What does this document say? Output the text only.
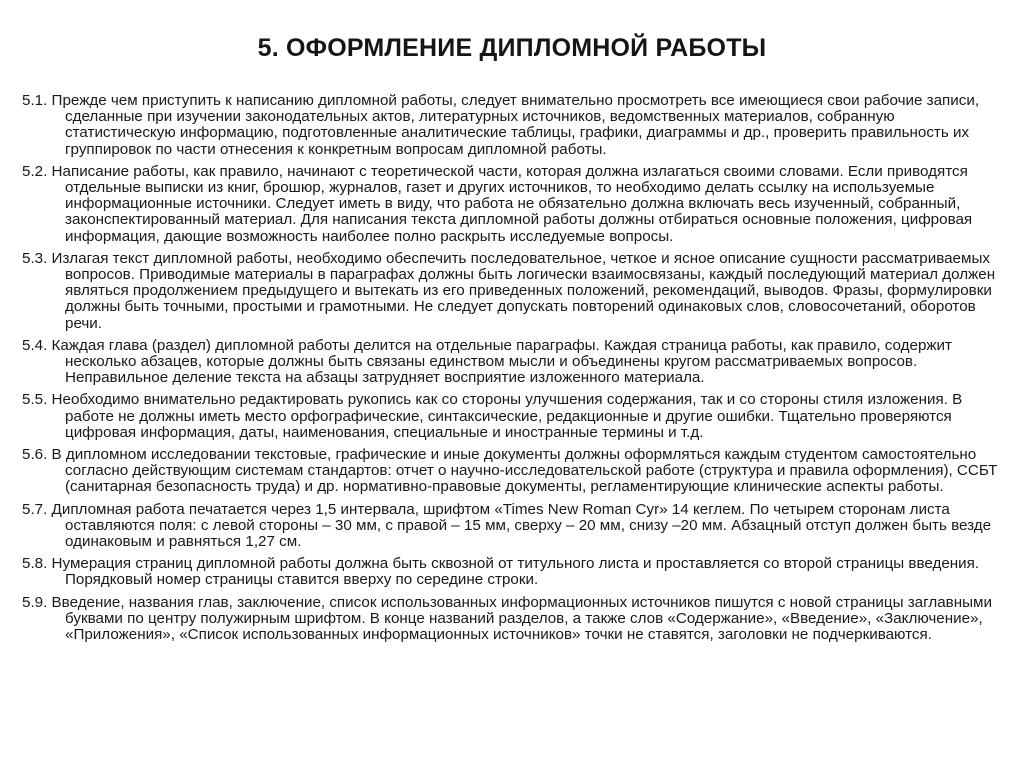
5. ОФОРМЛЕНИЕ ДИПЛОМНОЙ РАБОТЫ

5.1. Прежде чем приступить к написанию дипломной работы, следует внимательно просмотреть все имеющиеся свои рабочие записи, сделанные при изучении законодательных актов, литературных источников, ведомственных материалов, собранную статистическую информацию, подготовленные аналитические таблицы, графики, диаграммы и др., проверить правильность их группировок по части отнесения к конкретным вопросам дипломной работы.

5.2. Написание работы, как правило, начинают с теоретической части, которая должна излагаться своими словами. Если приводятся отдельные выписки из книг, брошюр, журналов, газет и других источников, то необходимо делать ссылку на используемые информационные источники. Следует иметь в виду, что работа не обязательно должна включать весь изученный, собранный, законспектированный материал. Для написания текста дипломной работы должны отбираться основные положения, цифровая информация, дающие возможность наиболее полно раскрыть исследуемые вопросы.

5.3. Излагая текст дипломной работы, необходимо обеспечить последовательное, четкое и ясное описание сущности рассматриваемых вопросов. Приводимые материалы в параграфах должны быть логически взаимосвязаны, каждый последующий материал должен являться продолжением предыдущего и вытекать из его приведенных положений, рекомендаций, выводов. Фразы, формулировки должны быть точными, простыми и грамотными. Не следует допускать повторений одинаковых слов, словосочетаний, оборотов речи.

5.4. Каждая глава (раздел) дипломной работы делится на отдельные параграфы. Каждая страница работы, как правило, содержит несколько абзацев, которые должны быть связаны единством мысли и объединены кругом рассматриваемых вопросов. Неправильное деление текста на абзацы затрудняет восприятие изложенного материала.

5.5. Необходимо внимательно редактировать рукопись как со стороны улучшения содержания, так и со стороны стиля изложения. В работе не должны иметь место орфографические, синтаксические, редакционные и другие ошибки. Тщательно проверяются цифровая информация, даты, наименования, специальные и иностранные термины и т.д.

5.6. В дипломном исследовании текстовые, графические и иные документы должны оформляться каждым студентом самостоятельно согласно действующим системам стандартов: отчет о научно-исследовательской работе (структура и правила оформления), ССБТ (санитарная безопасность труда) и др. нормативно-правовые документы, регламентирующие клинические аспекты работы.

5.7. Дипломная работа печатается через 1,5 интервала, шрифтом «Times New Roman Cyr» 14 кеглем. По четырем сторонам листа оставляются поля: с левой стороны – 30 мм, с правой – 15 мм, сверху – 20 мм, снизу –20 мм. Абзацный отступ должен быть везде одинаковым и равняться 1,27 см.

5.8. Нумерация страниц дипломной работы должна быть сквозной от титульного листа и проставляется со второй страницы введения. Порядковый номер страницы ставится вверху по середине строки.

5.9. Введение, названия глав, заключение, список использованных информационных источников пишутся с новой страницы заглавными буквами по центру полужирным шрифтом. В конце названий разделов, а также слов «Содержание», «Введение», «Заключение», «Приложения», «Список использованных информационных источников» точки не ставятся, заголовки не подчеркиваются.
